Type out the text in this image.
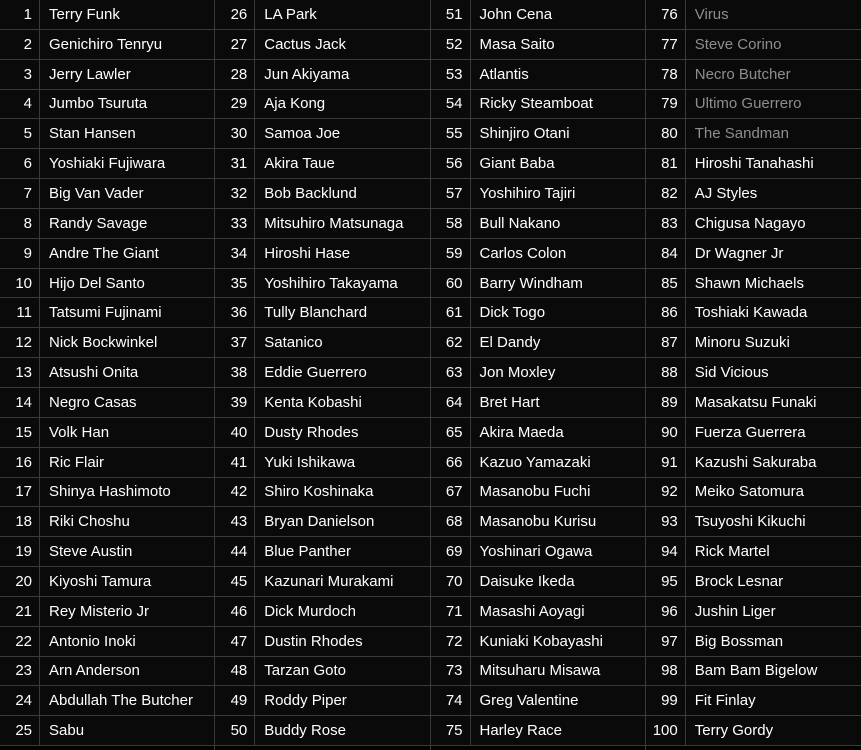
1	Terry Funk
2	Genichiro Tenryu
3	Jerry Lawler
4	Jumbo Tsuruta
5	Stan Hansen
6	Yoshiaki Fujiwara
7	Big Van Vader
8	Randy Savage
9	Andre The Giant
10	Hijo Del Santo
11	Tatsumi Fujinami
12	Nick Bockwinkel
13	Atsushi Onita
14	Negro Casas
15	Volk Han
16	Ric Flair
17	Shinya Hashimoto
18	Riki Choshu
19	Steve Austin
20	Kiyoshi Tamura
21	Rey Misterio Jr
22	Antonio Inoki
23	Arn Anderson
24	Abdullah The Butcher
25	Sabu
26	LA Park
27	Cactus Jack
28	Jun Akiyama
29	Aja Kong
30	Samoa Joe
31	Akira Taue
32	Bob Backlund
33	Mitsuhiro Matsunaga
34	Hiroshi Hase
35	Yoshihiro Takayama
36	Tully Blanchard
37	Satanico
38	Eddie Guerrero
39	Kenta Kobashi
40	Dusty Rhodes
41	Yuki Ishikawa
42	Shiro Koshinaka
43	Bryan Danielson
44	Blue Panther
45	Kazunari Murakami
46	Dick Murdoch
47	Dustin Rhodes
48	Tarzan Goto
49	Roddy Piper
50	Buddy Rose
51	John Cena
52	Masa Saito
53	Atlantis
54	Ricky Steamboat
55	Shinjiro Otani
56	Giant Baba
57	Yoshihiro Tajiri
58	Bull Nakano
59	Carlos Colon
60	Barry Windham
61	Dick Togo
62	El Dandy
63	Jon Moxley
64	Bret Hart
65	Akira Maeda
66	Kazuo Yamazaki
67	Masanobu Fuchi
68	Masanobu Kurisu
69	Yoshinari Ogawa
70	Daisuke Ikeda
71	Masashi Aoyagi
72	Kuniaki Kobayashi
73	Mitsuharu Misawa
74	Greg Valentine
75	Harley Race
76	Virus
77	Steve Corino
78	Necro Butcher
79	Ultimo Guerrero
80	The Sandman
81	Hiroshi Tanahashi
82	AJ Styles
83	Chigusa Nagayo
84	Dr Wagner Jr
85	Shawn Michaels
86	Toshiaki Kawada
87	Minoru Suzuki
88	Sid Vicious
89	Masakatsu Funaki
90	Fuerza Guerrera
91	Kazushi Sakuraba
92	Meiko Satomura
93	Tsuyoshi Kikuchi
94	Rick Martel
95	Brock Lesnar
96	Jushin Liger
97	Big Bossman
98	Bam Bam Bigelow
99	Fit Finlay
100	Terry Gordy
